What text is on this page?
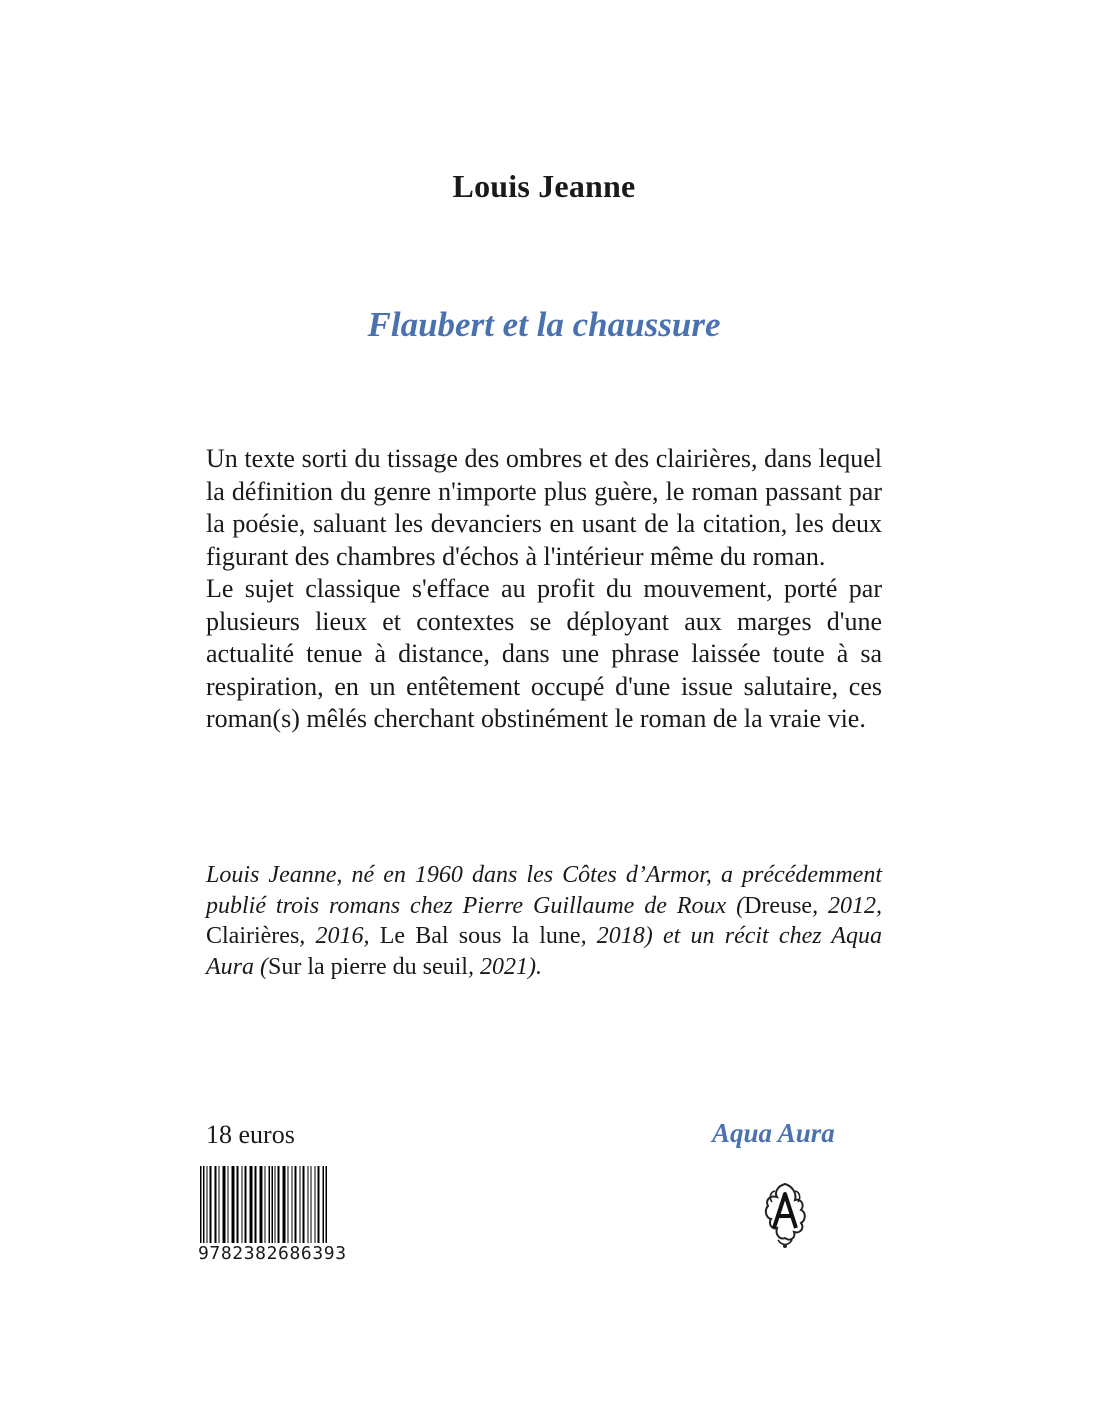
Louis Jeanne
Flaubert et la chaussure

Un texte sorti du tissage des ombres et des clairières, dans lequel la définition du genre n'importe plus guère, le roman passant par la poésie, saluant les devanciers en usant de la citation, les deux figurant des chambres d'échos à l'intérieur même du roman.

Le sujet classique s'efface au profit du mouvement, porté par plusieurs lieux et contextes se déployant aux marges d'une actualité tenue à distance, dans une phrase laissée toute à sa respiration, en un entêtement occupé d'une issue salutaire, ces roman(s) mêlés cherchant obstinément le roman de la vraie vie.

Louis Jeanne, né en 1960 dans les Côtes d’Armor, a précédemment publié trois romans chez Pierre Guillaume de Roux (Dreuse, 2012, Clairières, 2016, Le Bal sous la lune, 2018) et un récit chez Aqua Aura (Sur la pierre du seuil, 2021).
18 euros	Aqua Aura
9782382686393
